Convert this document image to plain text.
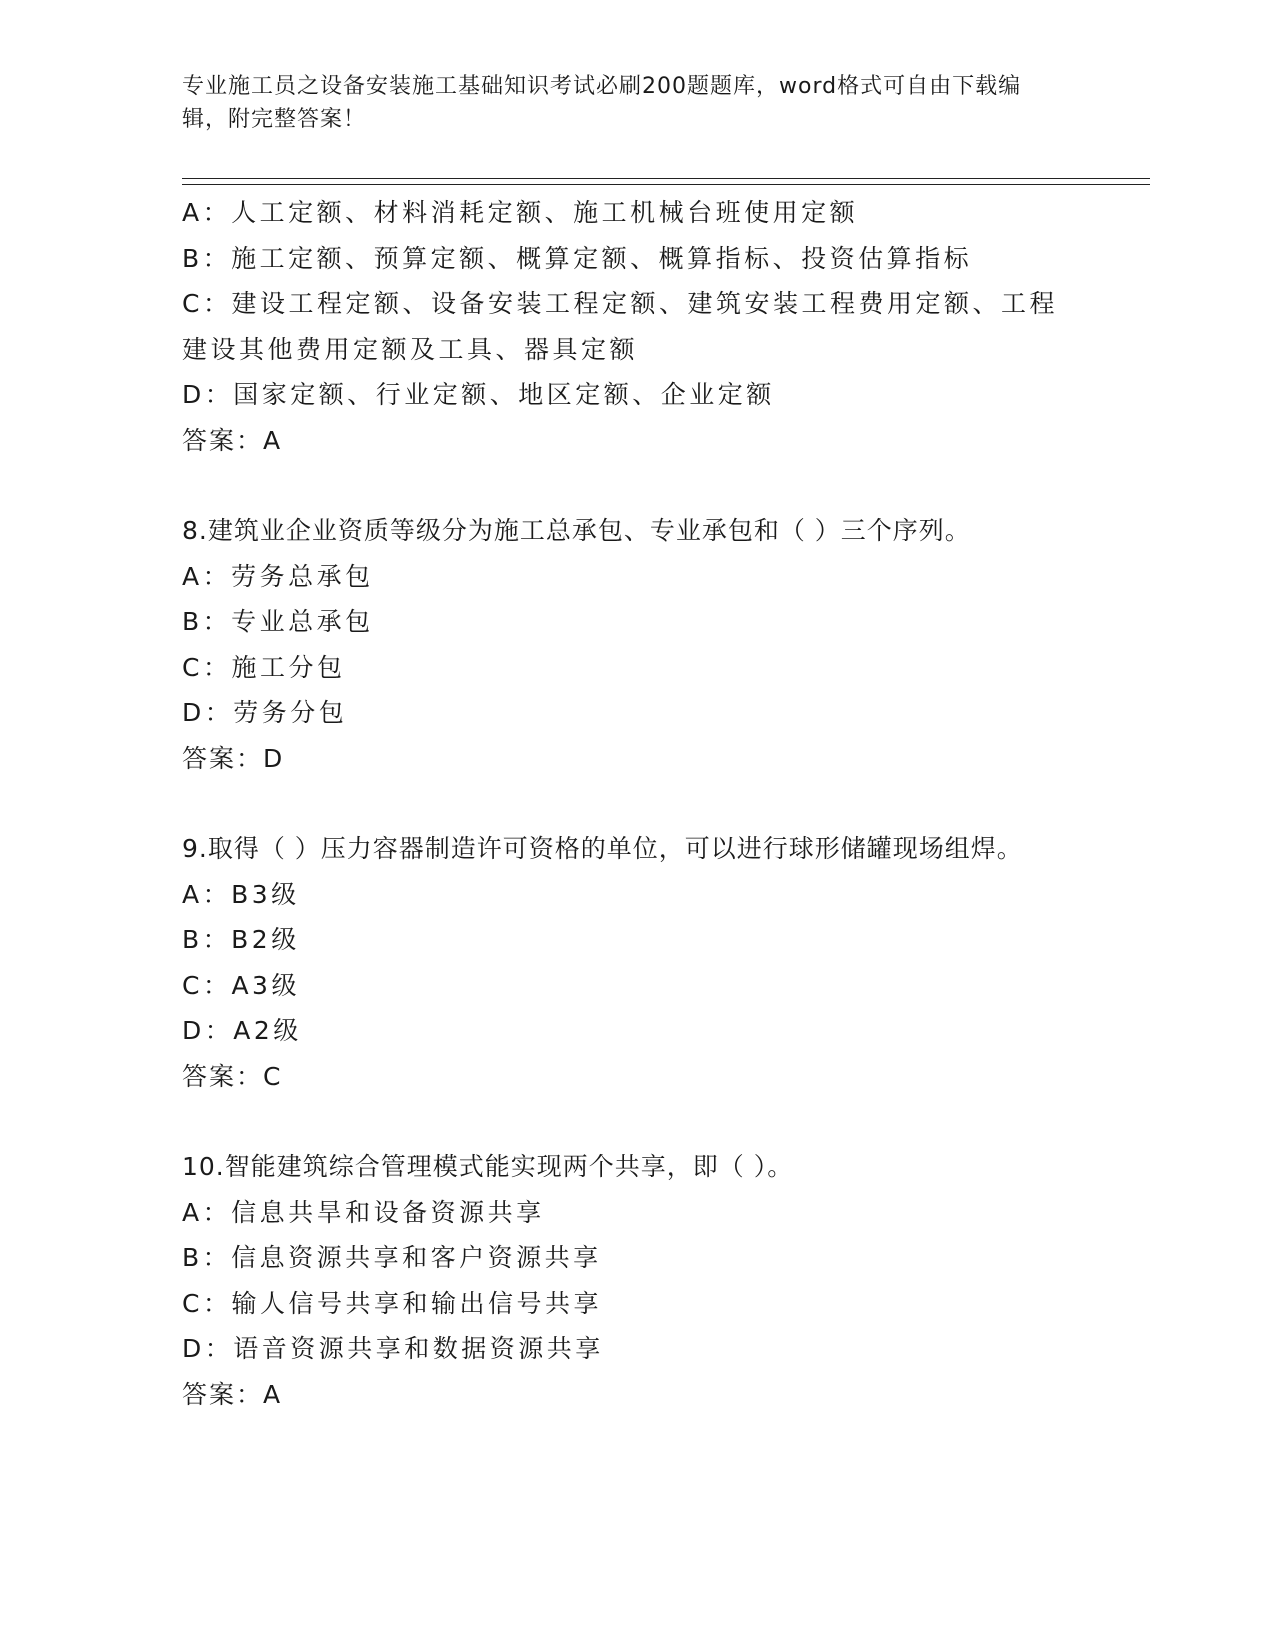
专业施工员之设备安装施工基础知识考试必刷200题题库，word格式可自由下载编辑，附完整答案！
A：人工定额、材料消耗定额、施工机械台班使用定额
B：施工定额、预算定额、概算定额、概算指标、投资估算指标
C：建设工程定额、设备安装工程定额、建筑安装工程费用定额、工程建设其他费用定额及工具、器具定额
D：国家定额、行业定额、地区定额、企业定额
答案：A
8.建筑业企业资质等级分为施工总承包、专业承包和（ ）三个序列。
A：劳务总承包
B：专业总承包
C：施工分包
D：劳务分包
答案：D
9.取得（ ）压力容器制造许可资格的单位，可以进行球形储罐现场组焊。
A：B3级
B：B2级
C：A3级
D：A2级
答案：C
10.智能建筑综合管理模式能实现两个共享，即（ ）。
A：信息共旱和设备资源共享
B：信息资源共享和客户资源共享
C：输人信号共享和输出信号共享
D：语音资源共享和数据资源共享
答案：A
